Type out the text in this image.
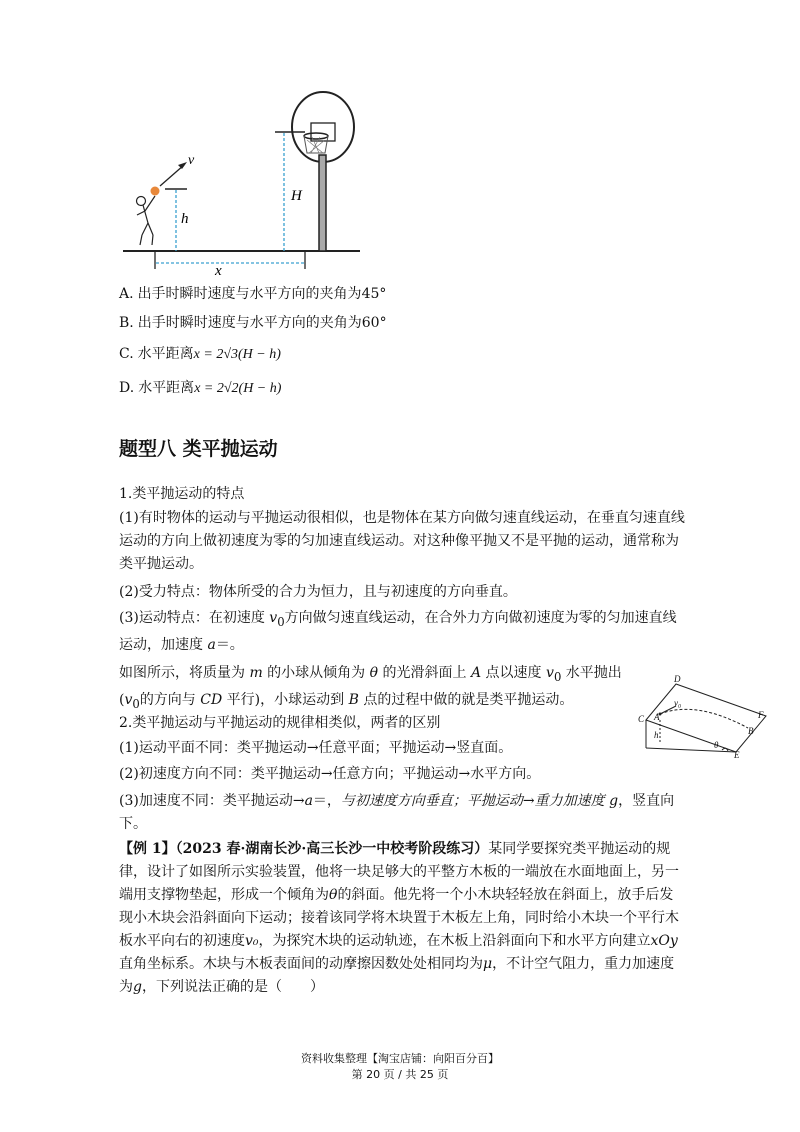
H
h
v
x
A. 出手时瞬时速度与水平方向的夹角为45°
B. 出手时瞬时速度与水平方向的夹角为60°
C. 水平距离x = 2√3(H − h)
D. 水平距离x = 2√2(H − h)
题型八 类平抛运动
1.类平抛运动的特点
(1)有时物体的运动与平抛运动很相似，也是物体在某方向做匀速直线运动，在垂直匀速直线运动的方向上做初速度为零的匀加速直线运动。对这种像平抛又不是平抛的运动，通常称为类平抛运动。
(2)受力特点：物体所受的合力为恒力，且与初速度的方向垂直。
(3)运动特点：在初速度 $v_0$方向做匀速直线运动，在合外力方向做初速度为零的匀加速直线运动，加速度 a＝。
如图所示，将质量为 m 的小球从倾角为 θ 的光滑斜面上 A 点以速度 $v_0$ 水平抛出($v_0$的方向与 CD 平行)，小球运动到 B 点的过程中做的就是类平抛运动。
2.类平抛运动与平抛运动的规律相类似，两者的区别
(1)运动平面不同：类平抛运动→任意平面；平抛运动→竖直面。
(2)初速度方向不同：类平抛运动→任意方向；平抛运动→水平方向。
(3)加速度不同：类平抛运动→a＝，与初速度方向垂直；平抛运动→重力加速度 g，竖直向下。
D
C A
v₀
F
B
h
θ
E
【例 1】（2023 春·湖南长沙·高三长沙一中校考阶段练习）某同学要探究类平抛运动的规律，设计了如图所示实验装置，他将一块足够大的平整方木板的一端放在水面地面上，另一端用支撑物垫起，形成一个倾角为θ的斜面。他先将一个小木块轻轻放在斜面上，放手后发现小木块会沿斜面向下运动；接着该同学将木块置于木板左上角，同时给小木块一个平行木板水平向右的初速度v₀，为探究木块的运动轨迹，在木板上沿斜面向下和水平方向建立xOy直角坐标系。木块与木板表面间的动摩擦因数处处相同均为μ，不计空气阻力，重力加速度为g，下列说法正确的是（　　）
资料收集整理【淘宝店铺：向阳百分百】
第 20 页 / 共 25 页
